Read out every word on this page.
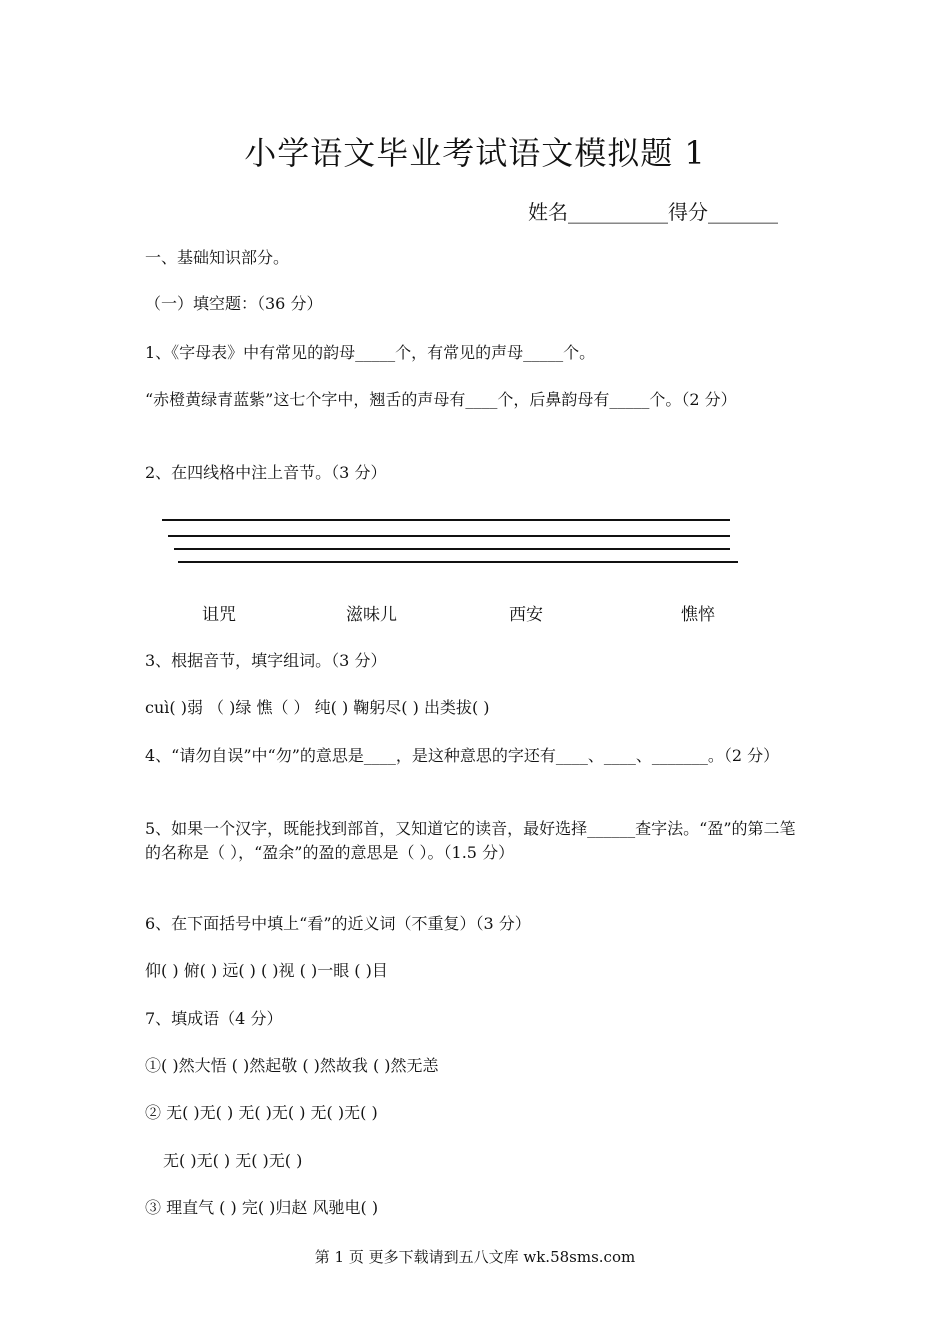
小学语文毕业考试语文模拟题 1
姓名__________得分_______
一、基础知识部分。
（一）填空题：（36 分）
1、《字母表》中有常见的韵母_____个，有常见的声母_____个。
“赤橙黄绿青蓝紫”这七个字中，翘舌的声母有____个，后鼻韵母有_____个。（2 分）
2、在四线格中注上音节。（3 分）
诅咒	滋味儿	西安	憔悴
3、根据音节，填字组词。（3 分）
cuì( )弱 （ )绿 憔（ ） 纯( ) 鞠躬尽( ) 出类拔( )
4、“请勿自误”中“勿”的意思是____，是这种意思的字还有____、____、_______。（2 分）
5、如果一个汉字，既能找到部首，又知道它的读音，最好选择______查字法。“盈”的第二笔的名称是（ ），“盈余”的盈的意思是（ ）。（1.5 分）
6、在下面括号中填上“看”的近义词（不重复）（3 分）
仰( ) 俯( ) 远( ) ( )视 ( )一眼 ( )目
7、填成语（4 分）
①( )然大悟 ( )然起敬 ( )然故我 ( )然无恙
② 无( )无( ) 无( )无( ) 无( )无( )
无( )无( ) 无( )无( )
③ 理直气 ( ) 完( )归赵 风驰电( )
第 1 页 更多下载请到五八文库 wk.58sms.com
